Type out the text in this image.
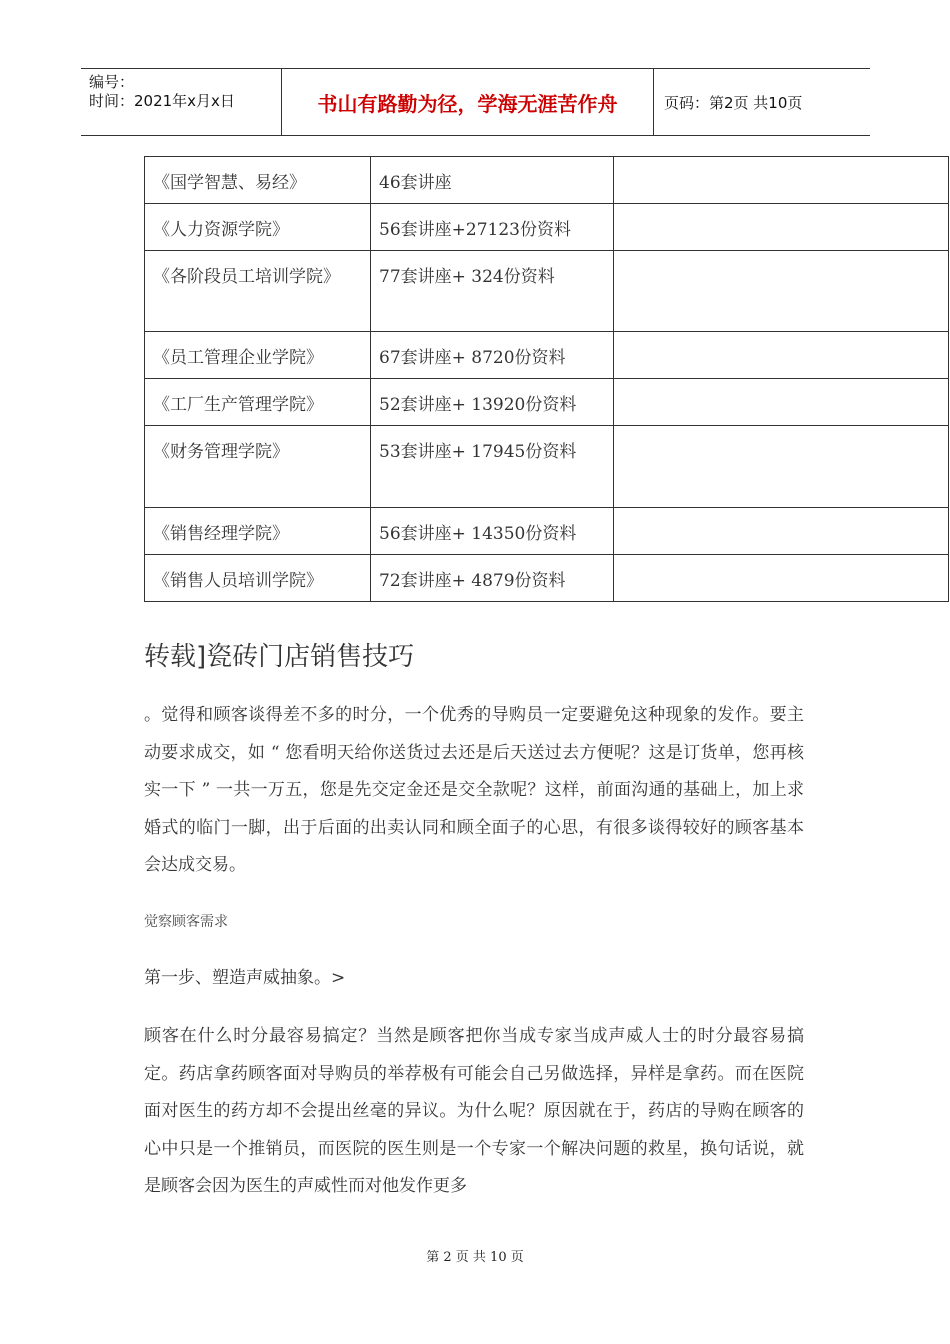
编号：
时间：2021年x月x日	书山有路勤为径，学海无涯苦作舟	页码：第2页 共10页
《国学智慧、易经》	46套讲座	
《人力资源学院》	56套讲座+27123份资料	
《各阶段员工培训学院》	77套讲座+ 324份资料	
《员工管理企业学院》	67套讲座+ 8720份资料	
《工厂生产管理学院》	52套讲座+ 13920份资料	
《财务管理学院》	53套讲座+ 17945份资料	
《销售经理学院》	56套讲座+ 14350份资料	
《销售人员培训学院》	72套讲座+ 4879份资料	
转载]瓷砖门店销售技巧

。觉得和顾客谈得差不多的时分，一个优秀的导购员一定要避免这种现象的发作。要主动要求成交，如 “ 您看明天给你送货过去还是后天送过去方便呢？这是订货单，您再核实一下 ” 一共一万五，您是先交定金还是交全款呢？这样，前面沟通的基础上，加上求婚式的临门一脚，出于后面的出卖认同和顾全面子的心思，有很多谈得较好的顾客基本会达成交易。

觉察顾客需求

第一步、塑造声威抽象。>

顾客在什么时分最容易搞定？当然是顾客把你当成专家当成声威人士的时分最容易搞定。药店拿药顾客面对导购员的举荐极有可能会自己另做选择，异样是拿药。而在医院面对医生的药方却不会提出丝毫的异议。为什么呢？原因就在于，药店的导购在顾客的心中只是一个推销员，而医院的医生则是一个专家一个解决问题的救星，换句话说，就是顾客会因为医生的声威性而对他发作更多

第 2 页 共 10 页
